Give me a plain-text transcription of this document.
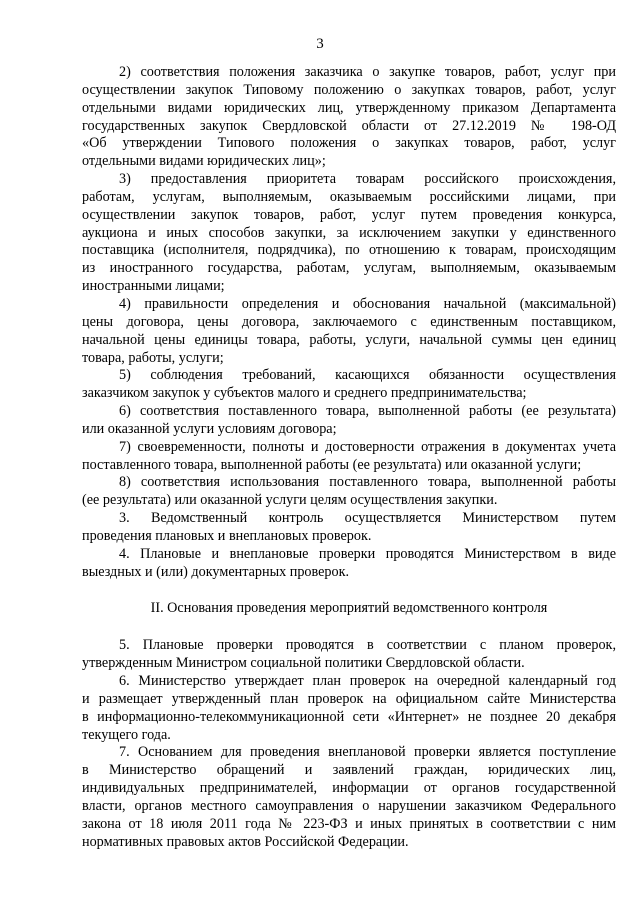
3
2) соответствия положения заказчика о закупке товаров, работ, услуг при
осуществлении закупок Типовому положению о закупках товаров, работ, услуг
отдельными видами юридических лиц, утвержденному приказом Департамента
государственных закупок Свердловской области от 27.12.2019 № 198-ОД
«Об утверждении Типового положения о закупках товаров, работ, услуг
отдельными видами юридических лиц»;
3) предоставления приоритета товарам российского происхождения,
работам, услугам, выполняемым, оказываемым российскими лицами, при
осуществлении закупок товаров, работ, услуг путем проведения конкурса,
аукциона и иных способов закупки, за исключением закупки у единственного
поставщика (исполнителя, подрядчика), по отношению к товарам, происходящим
из иностранного государства, работам, услугам, выполняемым, оказываемым
иностранными лицами;
4) правильности определения и обоснования начальной (максимальной)
цены договора, цены договора, заключаемого с единственным поставщиком,
начальной цены единицы товара, работы, услуги, начальной суммы цен единиц
товара, работы, услуги;
5) соблюдения требований, касающихся обязанности осуществления
заказчиком закупок у субъектов малого и среднего предпринимательства;
6) соответствия поставленного товара, выполненной работы (ее результата)
или оказанной услуги условиям договора;
7) своевременности, полноты и достоверности отражения в документах учета
поставленного товара, выполненной работы (ее результата) или оказанной услуги;
8) соответствия использования поставленного товара, выполненной работы
(ее результата) или оказанной услуги целям осуществления закупки.
3. Ведомственный контроль осуществляется Министерством путем
проведения плановых и внеплановых проверок.
4. Плановые и внеплановые проверки проводятся Министерством в виде
выездных и (или) документарных проверок.
II. Основания проведения мероприятий ведомственного контроля
5. Плановые проверки проводятся в соответствии с планом проверок,
утвержденным Министром социальной политики Свердловской области.
6. Министерство утверждает план проверок на очередной календарный год
и размещает утвержденный план проверок на официальном сайте Министерства
в информационно-телекоммуникационной сети «Интернет» не позднее 20 декабря
текущего года.
7. Основанием для проведения внеплановой проверки является поступление
в Министерство обращений и заявлений граждан, юридических лиц,
индивидуальных предпринимателей, информации от органов государственной
власти, органов местного самоуправления о нарушении заказчиком Федерального
закона от 18 июля 2011 года № 223-ФЗ и иных принятых в соответствии с ним
нормативных правовых актов Российской Федерации.
